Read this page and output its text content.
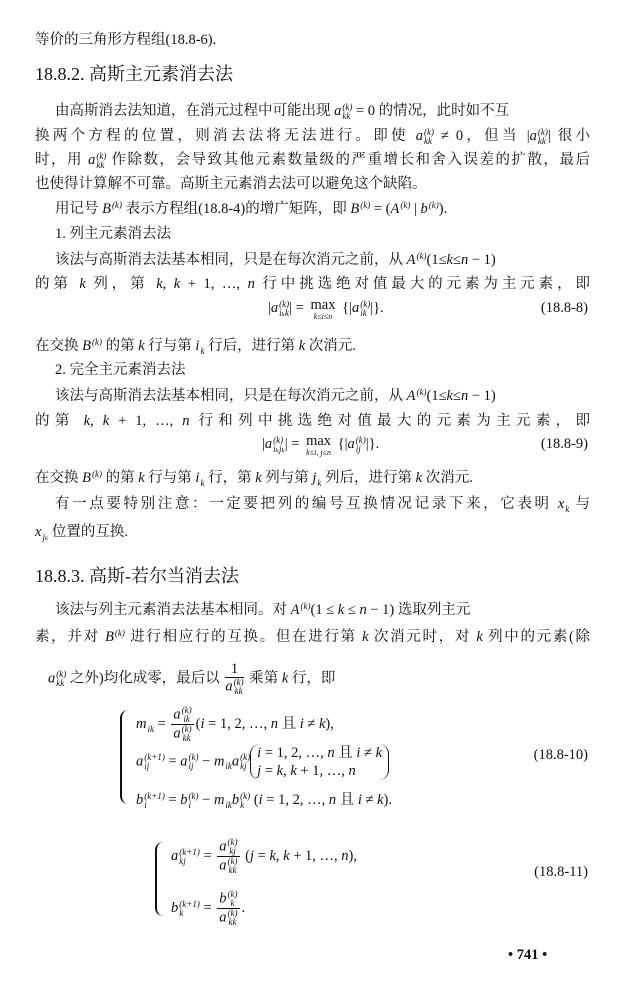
等价的三角形方程组(18.8-6).
18.8.2. 高斯主元素消去法
由高斯消去法知道，在消元过程中可能出现 a (k)
kk = 0 的情况，此时如不互
换两个方程的位置，则消去法将无法进行。即使 a (k)
kk ≠ 0，但当 |a (k)
kk | 很小
时，用 a (k)
kk 作除数，会导致其他元素数量级的严重增长和舍入误差的扩散，最后
也使得计算解不可靠。高斯主元素消去法可以避免这个缺陷。
用记号 B (k)
表示方程组(18.8-4)的增广矩阵，即 B (k)
= (A (k)
| b (k)
).
1. 列主元素消去法
该法与高斯消去法基本相同，只是在每次消元之前，从 A (k)
(1≤k≤n − 1)
的第 k 列，第 k, k + 1, …, n 行中挑选绝对值最大的元素为主元素，即
|a (k)
iₖk | = max
k≤i≤n
{|a (k)
ik |}.	(18.8-8)
在交换 B (k)
的第 k 行与第 i
k 行后，进行第 k 次消元.
2. 完全主元素消去法
该法与高斯消去法基本相同，只是在每次消元之前，从 A (k)
(1≤k≤n − 1)
的第 k, k + 1, …, n 行和列中挑选绝对值最大的元素为主元素，即
|a (k)
iₖjₖ | = max
k≤i, j≤n
{|a (k)
ij |}.	(18.8-9)
在交换 B (k)
的第 k 行与第 i
k 行，第 k 列与第 j
k 列后，进行第 k 次消元.
有一点要特别注意：一定要把列的编号互换情况记录下来，它表明 x
k 与
x
jₖ 位置的互换.
18.8.3. 高斯-若尔当消去法
该法与列主元素消去法基本相同。对 A (k)
(1 ≤ k ≤ n − 1) 选取列主元
素，并对 B (k)
进行相应行的互换。但在进行第 k 次消元时，对 k 列中的元素(除
a (k)
kk 之外)均化成零，最后以 1
a (k)
kk 乘第 k 行，即
m
ik = a (k)
ik
a (k)
kk (i = 1, 2, …, n 且 i ≠ k),
a (k+1)
ij	= a (k)
ij − m
ik a (k)
kj
i = 1, 2, …, n 且 i ≠ k
j = k, k + 1, …, n
b (k+1)
i	= b (k)
i − m
ik b (k)
k (i = 1, 2, …, n 且 i ≠ k).
(18.8-10)
a (k+1)
kj = a (k)
kj
a (k)
kk (j = k, k + 1, …, n),
b (k+1)
k	= b (k)
k
a (k)
kk .
(18.8-11)
• 741 •
